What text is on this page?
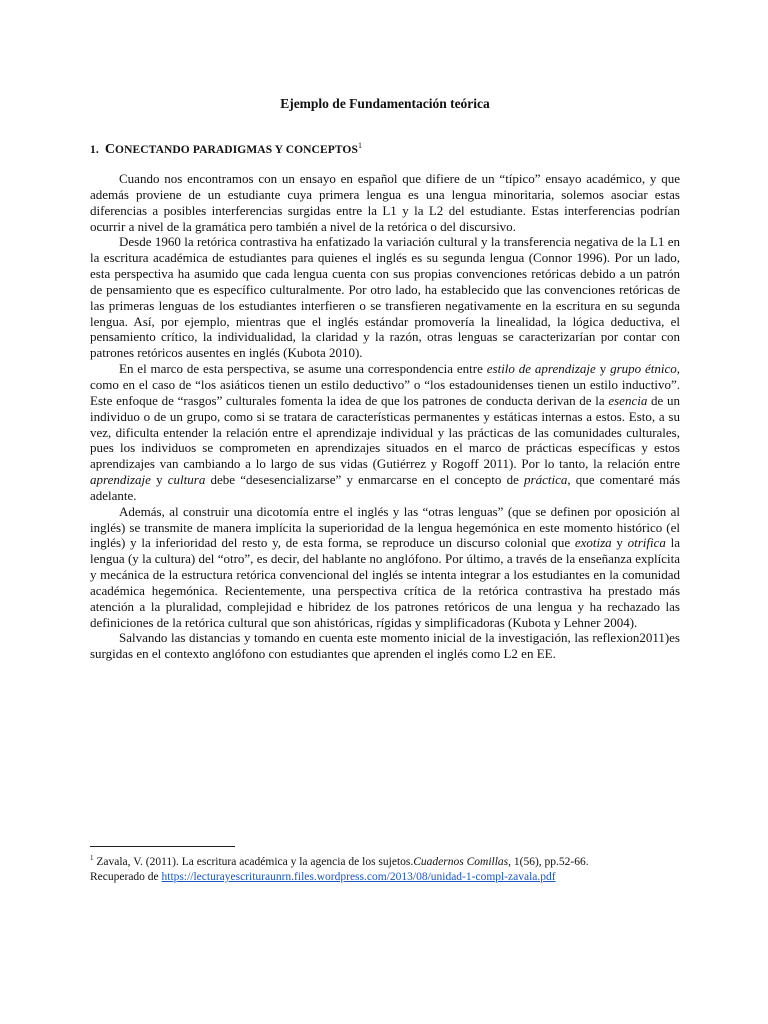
Ejemplo de Fundamentación teórica
1. CONECTANDO PARADIGMAS Y CONCEPTOS$^1$

Cuando nos encontramos con un ensayo en español que difiere de un “típico” ensayo académico, y que además proviene de un estudiante cuya primera lengua es una lengua minoritaria, solemos asociar estas diferencias a posibles interferencias surgidas entre la L1 y la L2 del estudiante. Estas interferencias podrían ocurrir a nivel de la gramática pero también a nivel de la retórica o del discursivo.

Desde 1960 la retórica contrastiva ha enfatizado la variación cultural y la transferencia negativa de la L1 en la escritura académica de estudiantes para quienes el inglés es su segunda lengua (Connor 1996). Por un lado, esta perspectiva ha asumido que cada lengua cuenta con sus propias convenciones retóricas debido a un patrón de pensamiento que es específico culturalmente. Por otro lado, ha establecido que las convenciones retóricas de las primeras lenguas de los estudiantes interfieren o se transfieren negativamente en la escritura en su segunda lengua. Así, por ejemplo, mientras que el inglés estándar promovería la linealidad, la lógica deductiva, el pensamiento crítico, la individualidad, la claridad y la razón, otras lenguas se caracterizarían por contar con patrones retóricos ausentes en inglés (Kubota 2010).

En el marco de esta perspectiva, se asume una correspondencia entre estilo de aprendizaje y grupo étnico, como en el caso de “los asiáticos tienen un estilo deductivo” o “los estadounidenses tienen un estilo inductivo”. Este enfoque de “rasgos” culturales fomenta la idea de que los patrones de conducta derivan de la esencia de un individuo o de un grupo, como si se tratara de características permanentes y estáticas internas a estos. Esto, a su vez, dificulta entender la relación entre el aprendizaje individual y las prácticas de las comunidades culturales, pues los individuos se comprometen en aprendizajes situados en el marco de prácticas específicas y estos aprendizajes van cambiando a lo largo de sus vidas (Gutiérrez y Rogoff 2011). Por lo tanto, la relación entre aprendizaje y cultura debe “desesencializarse” y enmarcarse en el concepto de práctica, que comentaré más adelante.

Además, al construir una dicotomía entre el inglés y las “otras lenguas” (que se definen por oposición al inglés) se transmite de manera implícita la superioridad de la lengua hegemónica en este momento histórico (el inglés) y la inferioridad del resto y, de esta forma, se reproduce un discurso colonial que exotiza y otrifica la lengua (y la cultura) del “otro”, es decir, del hablante no anglófono. Por último, a través de la enseñanza explícita y mecánica de la estructura retórica convencional del inglés se intenta integrar a los estudiantes en la comunidad académica hegemónica. Recientemente, una perspectiva crítica de la retórica contrastiva ha prestado más atención a la pluralidad, complejidad e hibridez de los patrones retóricos de una lengua y ha rechazado las definiciones de la retórica cultural que son ahistóricas, rígidas y simplificadoras (Kubota y Lehner 2004).

Salvando las distancias y tomando en cuenta este momento inicial de la investigación, las reflexion2011)es surgidas en el contexto anglófono con estudiantes que aprenden el inglés como L2 en EE.

$^1$ Zavala, V. (2011). La escritura académica y la agencia de los sujetos.Cuadernos Comillas, 1(56), pp.52-66.
Recuperado de https://lecturayescrituraunrn.files.wordpress.com/2013/08/unidad-1-compl-zavala.pdf
